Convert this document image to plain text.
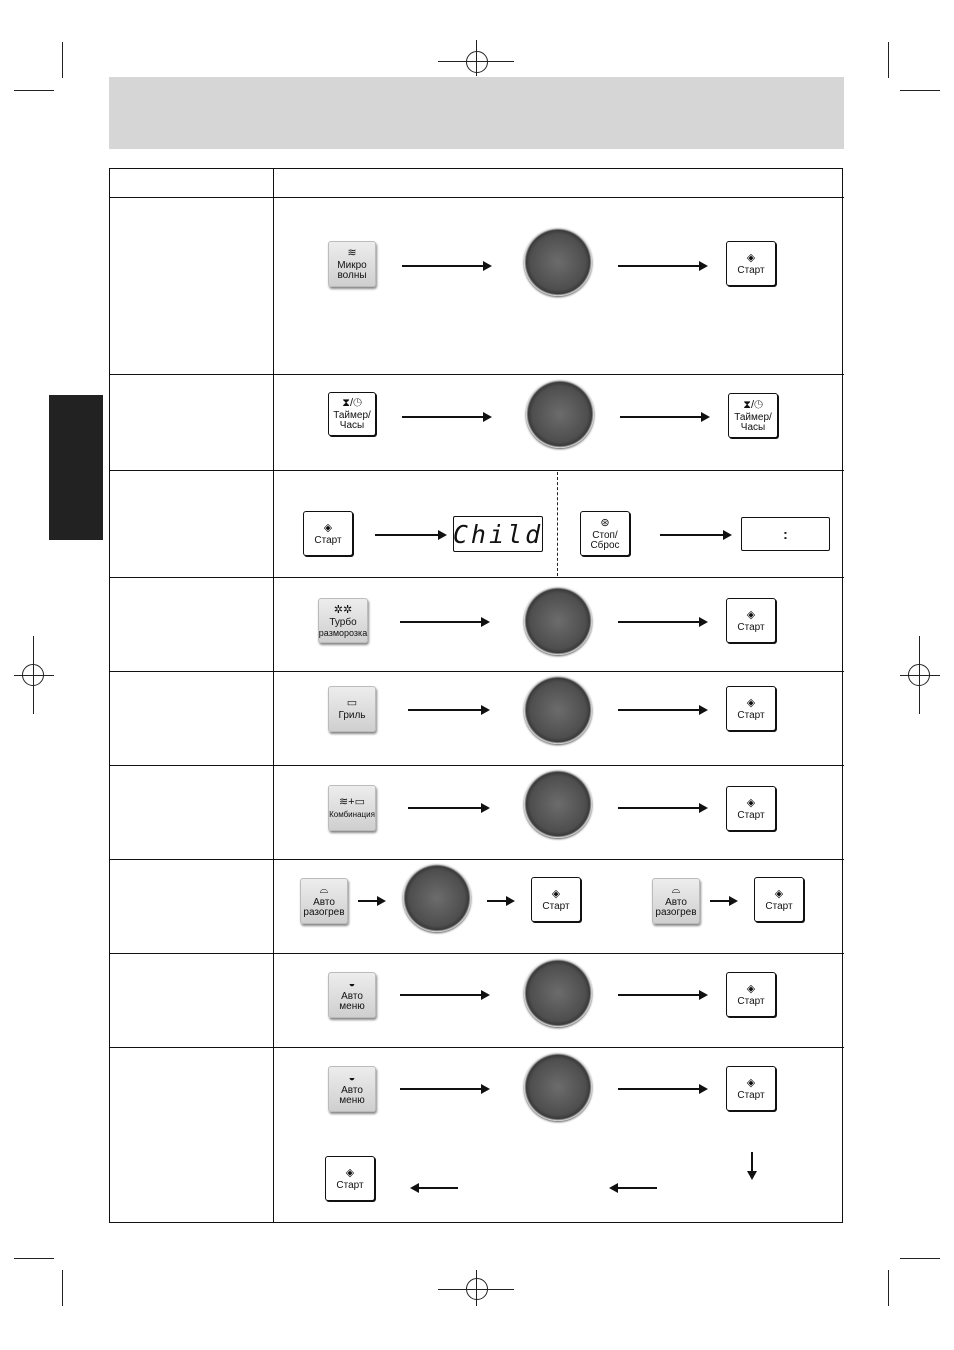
≋
Микро
волны
◈
Старт
⧗/◷
Таймер/
Часы
⧗/◷
Таймер/
Часы
◈
Старт	Child	⊛
Стоп/
Сброс
:
✲✲
Турбо
разморозка
◈
Старт
▭
Гриль
◈
Старт
≋+▭
Комбинация
◈
Старт
⌓
Авто
разогрев
◈
Старт
⌓
Авто
разогрев
◈
Старт
◒
Авто
меню
◈
Старт
◒
Авто
меню
◈
Старт
◈
Старт
